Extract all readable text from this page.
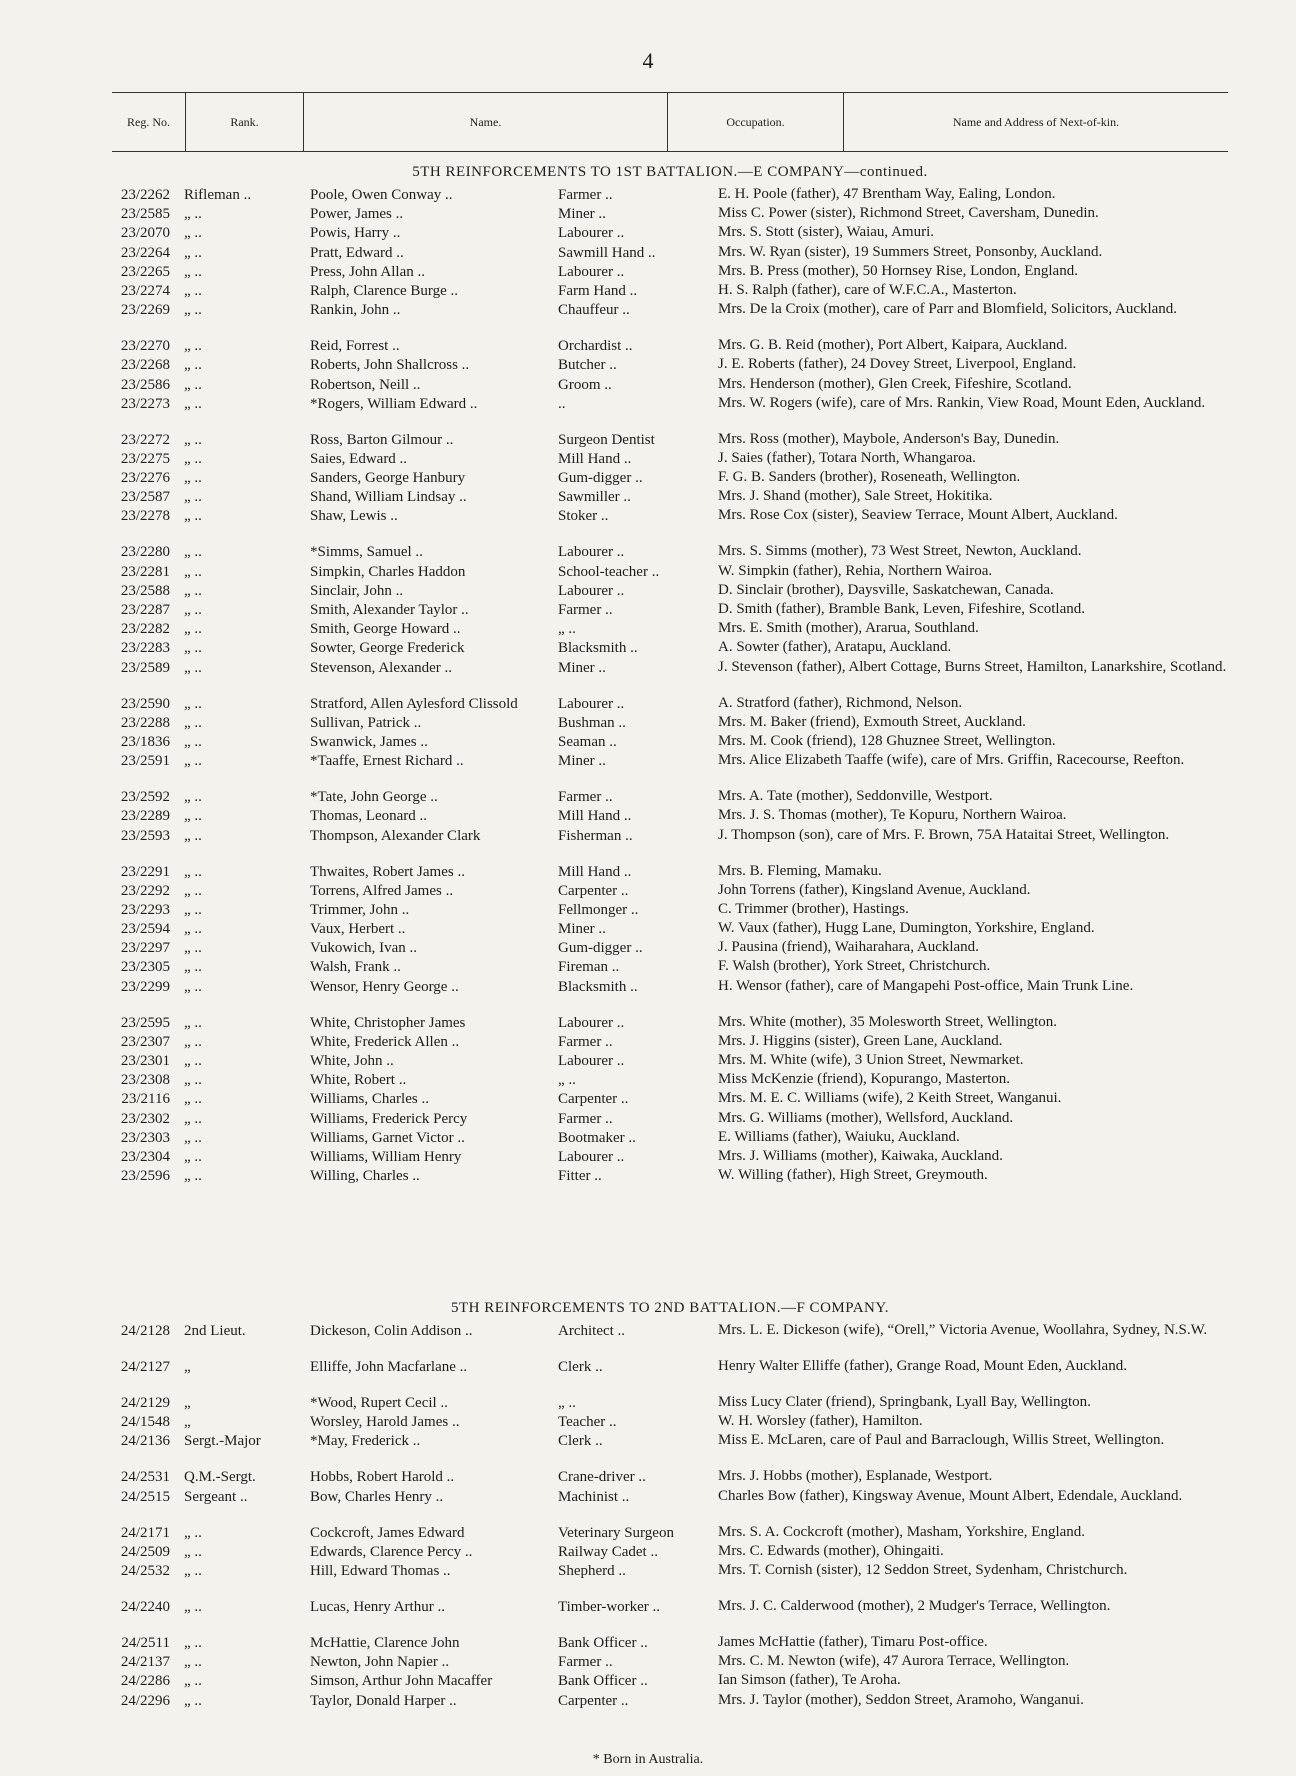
4
Reg. No.	Rank.	Name.	Occupation.	Name and Address of Next-of-kin.
5TH REINFORCEMENTS TO 1ST BATTALION.—E COMPANY—continued.
23/2262 Rifleman ..	Poole, Owen Conway ..	Farmer ..	E. H. Poole (father), 47 Brentham Way, Ealing, London.
23/2585 „ ..	Power, James ..	Miner ..	Miss C. Power (sister), Richmond Street, Caversham, Dunedin.
23/2070 „ ..	Powis, Harry ..	Labourer ..	Mrs. S. Stott (sister), Waiau, Amuri.
23/2264 „ ..	Pratt, Edward ..	Sawmill Hand ..	Mrs. W. Ryan (sister), 19 Summers Street, Ponsonby, Auckland.
23/2265 „ ..	Press, John Allan ..	Labourer ..	Mrs. B. Press (mother), 50 Hornsey Rise, London, England.
23/2274 „ ..	Ralph, Clarence Burge ..	Farm Hand ..	H. S. Ralph (father), care of W.F.C.A., Masterton.
23/2269 „ ..	Rankin, John ..	Chauffeur ..	Mrs. De la Croix (mother), care of Parr and Blomfield, Solicitors, Auckland.
23/2270 „ ..	Reid, Forrest ..	Orchardist ..	Mrs. G. B. Reid (mother), Port Albert, Kaipara, Auckland.
23/2268 „ ..	Roberts, John Shallcross ..	Butcher ..	J. E. Roberts (father), 24 Dovey Street, Liverpool, England.
23/2586 „ ..	Robertson, Neill ..	Groom ..	Mrs. Henderson (mother), Glen Creek, Fifeshire, Scotland.
23/2273 „ ..	*Rogers, William Edward ..	..	Mrs. W. Rogers (wife), care of Mrs. Rankin, View Road, Mount Eden, Auckland.
23/2272 „ ..	Ross, Barton Gilmour ..	Surgeon Dentist	Mrs. Ross (mother), Maybole, Anderson's Bay, Dunedin.
23/2275 „ ..	Saies, Edward ..	Mill Hand ..	J. Saies (father), Totara North, Whangaroa.
23/2276 „ ..	Sanders, George Hanbury	Gum-digger ..	F. G. B. Sanders (brother), Roseneath, Wellington.
23/2587 „ ..	Shand, William Lindsay ..	Sawmiller ..	Mrs. J. Shand (mother), Sale Street, Hokitika.
23/2278 „ ..	Shaw, Lewis ..	Stoker ..	Mrs. Rose Cox (sister), Seaview Terrace, Mount Albert, Auckland.
23/2280 „ ..	*Simms, Samuel ..	Labourer ..	Mrs. S. Simms (mother), 73 West Street, Newton, Auckland.
23/2281 „ ..	Simpkin, Charles Haddon	School-teacher ..	W. Simpkin (father), Rehia, Northern Wairoa.
23/2588 „ ..	Sinclair, John ..	Labourer ..	D. Sinclair (brother), Daysville, Saskatchewan, Canada.
23/2287 „ ..	Smith, Alexander Taylor ..	Farmer ..	D. Smith (father), Bramble Bank, Leven, Fifeshire, Scotland.
23/2282 „ ..	Smith, George Howard ..	„ ..	Mrs. E. Smith (mother), Ararua, Southland.
23/2283 „ ..	Sowter, George Frederick	Blacksmith ..	A. Sowter (father), Aratapu, Auckland.
23/2589 „ ..	Stevenson, Alexander ..	Miner ..	J. Stevenson (father), Albert Cottage, Burns Street, Hamilton, Lanarkshire, Scotland.
23/2590 „ ..	Stratford, Allen Aylesford Clissold	Labourer ..	A. Stratford (father), Richmond, Nelson.
23/2288 „ ..	Sullivan, Patrick ..	Bushman ..	Mrs. M. Baker (friend), Exmouth Street, Auckland.
23/1836 „ ..	Swanwick, James ..	Seaman ..	Mrs. M. Cook (friend), 128 Ghuznee Street, Wellington.
23/2591 „ ..	*Taaffe, Ernest Richard ..	Miner ..	Mrs. Alice Elizabeth Taaffe (wife), care of Mrs. Griffin, Racecourse, Reefton.
23/2592 „ ..	*Tate, John George ..	Farmer ..	Mrs. A. Tate (mother), Seddonville, Westport.
23/2289 „ ..	Thomas, Leonard ..	Mill Hand ..	Mrs. J. S. Thomas (mother), Te Kopuru, Northern Wairoa.
23/2593 „ ..	Thompson, Alexander Clark	Fisherman ..	J. Thompson (son), care of Mrs. F. Brown, 75A Hataitai Street, Wellington.
23/2291 „ ..	Thwaites, Robert James ..	Mill Hand ..	Mrs. B. Fleming, Mamaku.
23/2292 „ ..	Torrens, Alfred James ..	Carpenter ..	John Torrens (father), Kingsland Avenue, Auckland.
23/2293 „ ..	Trimmer, John ..	Fellmonger ..	C. Trimmer (brother), Hastings.
23/2594 „ ..	Vaux, Herbert ..	Miner ..	W. Vaux (father), Hugg Lane, Dumington, Yorkshire, England.
23/2297 „ ..	Vukowich, Ivan ..	Gum-digger ..	J. Pausina (friend), Waiharahara, Auckland.
23/2305 „ ..	Walsh, Frank ..	Fireman ..	F. Walsh (brother), York Street, Christchurch.
23/2299 „ ..	Wensor, Henry George ..	Blacksmith ..	H. Wensor (father), care of Mangapehi Post-office, Main Trunk Line.
23/2595 „ ..	White, Christopher James	Labourer ..	Mrs. White (mother), 35 Molesworth Street, Wellington.
23/2307 „ ..	White, Frederick Allen ..	Farmer ..	Mrs. J. Higgins (sister), Green Lane, Auckland.
23/2301 „ ..	White, John ..	Labourer ..	Mrs. M. White (wife), 3 Union Street, Newmarket.
23/2308 „ ..	White, Robert ..	„ ..	Miss McKenzie (friend), Kopurango, Masterton.
23/2116 „ ..	Williams, Charles ..	Carpenter ..	Mrs. M. E. C. Williams (wife), 2 Keith Street, Wanganui.
23/2302 „ ..	Williams, Frederick Percy	Farmer ..	Mrs. G. Williams (mother), Wellsford, Auckland.
23/2303 „ ..	Williams, Garnet Victor ..	Bootmaker ..	E. Williams (father), Waiuku, Auckland.
23/2304 „ ..	Williams, William Henry	Labourer ..	Mrs. J. Williams (mother), Kaiwaka, Auckland.
23/2596 „ ..	Willing, Charles ..	Fitter ..	W. Willing (father), High Street, Greymouth.
5TH REINFORCEMENTS TO 2ND BATTALION.—F COMPANY.
24/2128 2nd Lieut.	Dickeson, Colin Addison ..	Architect ..	Mrs. L. E. Dickeson (wife), “Orell,” Victoria Avenue, Woollahra, Sydney, N.S.W.
24/2127 „	Elliffe, John Macfarlane ..	Clerk ..	Henry Walter Elliffe (father), Grange Road, Mount Eden, Auckland.
24/2129 „	*Wood, Rupert Cecil ..	„ ..	Miss Lucy Clater (friend), Springbank, Lyall Bay, Wellington.
24/1548 „	Worsley, Harold James ..	Teacher ..	W. H. Worsley (father), Hamilton.
24/2136 Sergt.-Major	*May, Frederick ..	Clerk ..	Miss E. McLaren, care of Paul and Barraclough, Willis Street, Wellington.
24/2531 Q.M.-Sergt.	Hobbs, Robert Harold ..	Crane-driver ..	Mrs. J. Hobbs (mother), Esplanade, Westport.
24/2515 Sergeant ..	Bow, Charles Henry ..	Machinist ..	Charles Bow (father), Kingsway Avenue, Mount Albert, Edendale, Auckland.
24/2171 „ ..	Cockcroft, James Edward	Veterinary Surgeon	Mrs. S. A. Cockcroft (mother), Masham, Yorkshire, England.
24/2509 „ ..	Edwards, Clarence Percy ..	Railway Cadet ..	Mrs. C. Edwards (mother), Ohingaiti.
24/2532 „ ..	Hill, Edward Thomas ..	Shepherd ..	Mrs. T. Cornish (sister), 12 Seddon Street, Sydenham, Christchurch.
24/2240 „ ..	Lucas, Henry Arthur ..	Timber-worker ..	Mrs. J. C. Calderwood (mother), 2 Mudger's Terrace, Wellington.
24/2511 „ ..	McHattie, Clarence John	Bank Officer ..	James McHattie (father), Timaru Post-office.
24/2137 „ ..	Newton, John Napier ..	Farmer ..	Mrs. C. M. Newton (wife), 47 Aurora Terrace, Wellington.
24/2286 „ ..	Simson, Arthur John Macaffer	Bank Officer ..	Ian Simson (father), Te Aroha.
24/2296 „ ..	Taylor, Donald Harper ..	Carpenter ..	Mrs. J. Taylor (mother), Seddon Street, Aramoho, Wanganui.
* Born in Australia.
